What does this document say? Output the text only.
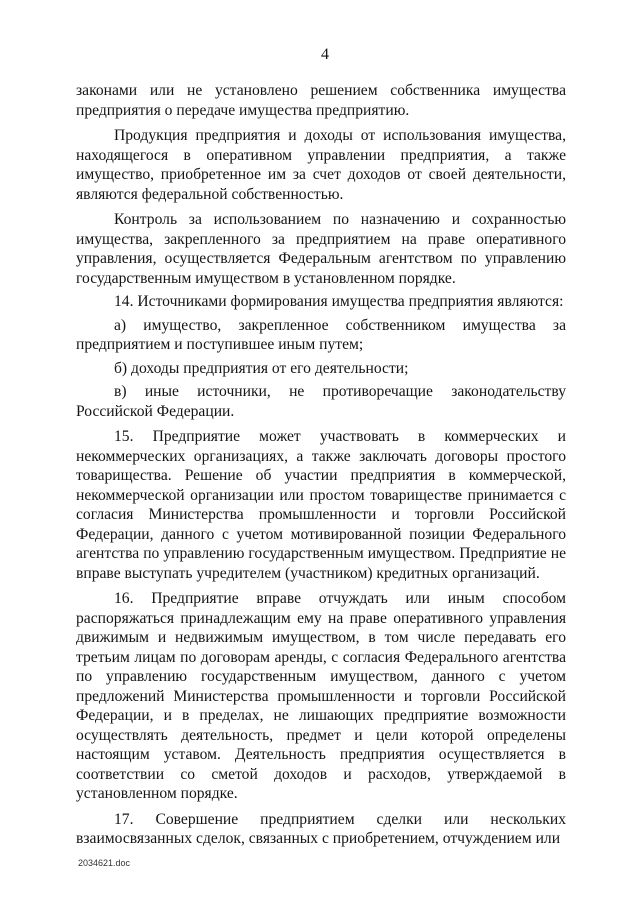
4

законами или не установлено решением собственника имущества предприятия о передаче имущества предприятию.

Продукция предприятия и доходы от использования имущества, находящегося в оперативном управлении предприятия, а также имущество, приобретенное им за счет доходов от своей деятельности, являются федеральной собственностью.

Контроль за использованием по назначению и сохранностью имущества, закрепленного за предприятием на праве оперативного управления, осуществляется Федеральным агентством по управлению государственным имуществом в установленном порядке.

14. Источниками формирования имущества предприятия являются:

а) имущество, закрепленное собственником имущества за предприятием и поступившее иным путем;

б) доходы предприятия от его деятельности;

в) иные источники, не противоречащие законодательству Российской Федерации.

15. Предприятие может участвовать в коммерческих и некоммерческих организациях, а также заключать договоры простого товарищества. Решение об участии предприятия в коммерческой, некоммерческой организации или простом товариществе принимается с согласия Министерства промышленности и торговли Российской Федерации, данного с учетом мотивированной позиции Федерального агентства по управлению государственным имуществом. Предприятие не вправе выступать учредителем (участником) кредитных организаций.

16. Предприятие вправе отчуждать или иным способом распоряжаться принадлежащим ему на праве оперативного управления движимым и недвижимым имуществом, в том числе передавать его третьим лицам по договорам аренды, с согласия Федерального агентства по управлению государственным имуществом, данного с учетом предложений Министерства промышленности и торговли Российской Федерации, и в пределах, не лишающих предприятие возможности осуществлять деятельность, предмет и цели которой определены настоящим уставом. Деятельность предприятия осуществляется в соответствии со сметой доходов и расходов, утверждаемой в установленном порядке.

17. Совершение предприятием сделки или нескольких взаимосвязанных сделок, связанных с приобретением, отчуждением или

2034621.doc
